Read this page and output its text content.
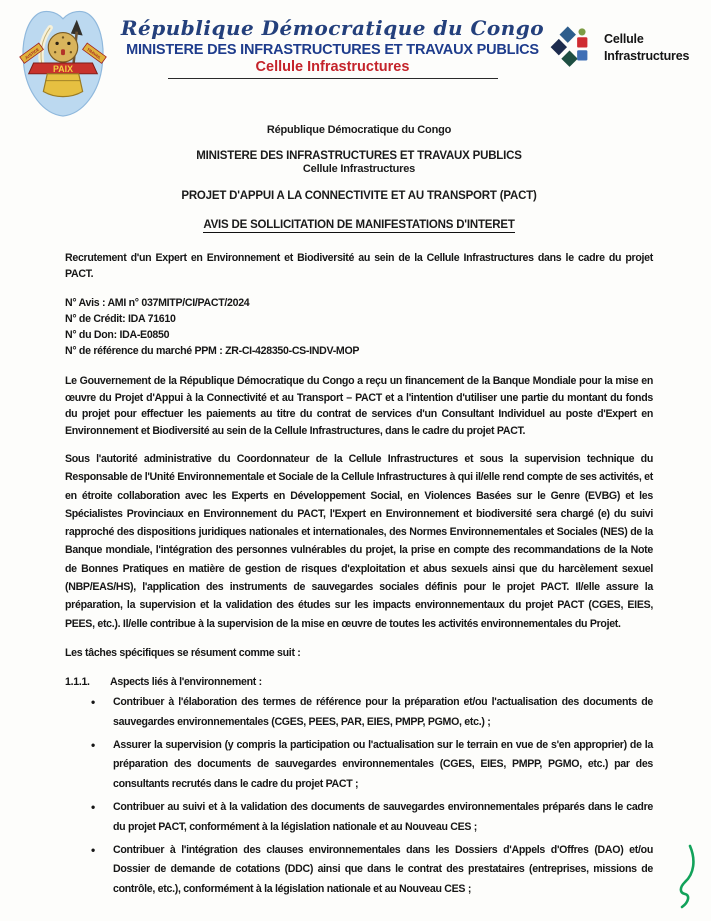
JUSTICE	TRAVAIL
PAIX
République Démocratique du Congo
MINISTERE DES INFRASTRUCTURES ET TRAVAUX PUBLICS
Cellule Infrastructures
Cellule
Infrastructures
République Démocratique du Congo
MINISTERE DES INFRASTRUCTURES ET TRAVAUX PUBLICS
Cellule Infrastructures
PROJET D'APPUI A LA CONNECTIVITE ET AU TRANSPORT (PACT)
AVIS DE SOLLICITATION DE MANIFESTATIONS D'INTERET

Recrutement d'un Expert en Environnement et Biodiversité au sein de la Cellule Infrastructures dans le cadre du projet PACT.

N° Avis : AMI n° 037MITP/CI/PACT/2024
N° de Crédit: IDA 71610
N° du Don: IDA-E0850
N° de référence du marché PPM : ZR-CI-428350-CS-INDV-MOP

Le Gouvernement de la République Démocratique du Congo a reçu un financement de la Banque Mondiale pour la mise en œuvre du Projet d'Appui à la Connectivité et au Transport – PACT et a l'intention d'utiliser une partie du montant du fonds du projet pour effectuer les paiements au titre du contrat de services d'un Consultant Individuel au poste d'Expert en Environnement et Biodiversité au sein de la Cellule Infrastructures, dans le cadre du projet PACT.

Sous l'autorité administrative du Coordonnateur de la Cellule Infrastructures et sous la supervision technique du Responsable de l'Unité Environnementale et Sociale de la Cellule Infrastructures à qui il/elle rend compte de ses activités, et en étroite collaboration avec les Experts en Développement Social, en Violences Basées sur le Genre (EVBG) et les Spécialistes Provinciaux en Environnement du PACT, l'Expert en Environnement et biodiversité sera chargé (e) du suivi rapproché des dispositions juridiques nationales et internationales, des Normes Environnementales et Sociales (NES) de la Banque mondiale, l'intégration des personnes vulnérables du projet, la prise en compte des recommandations de la Note de Bonnes Pratiques en matière de gestion de risques d'exploitation et abus sexuels ainsi que du harcèlement sexuel (NBP/EAS/HS), l'application des instruments de sauvegardes sociales définis pour le projet PACT. Il/elle assure la préparation, la supervision et la validation des études sur les impacts environnementaux du projet PACT (CGES, EIES, PEES, etc.). Il/elle contribue à la supervision de la mise en œuvre de toutes les activités environnementales du Projet.

Les tâches spécifiques se résument comme suit :

1.1.1.	Aspects liés à l'environnement :
• Contribuer à l'élaboration des termes de référence pour la préparation et/ou l'actualisation des documents de sauvegardes environnementales (CGES, PEES, PAR, EIES, PMPP, PGMO, etc.) ;
• Assurer la supervision (y compris la participation ou l'actualisation sur le terrain en vue de s'en approprier) de la préparation des documents de sauvegardes environnementales (CGES, EIES, PMPP, PGMO, etc.) par des consultants recrutés dans le cadre du projet PACT ;
• Contribuer au suivi et à la validation des documents de sauvegardes environnementales préparés dans le cadre du projet PACT, conformément à la législation nationale et au Nouveau CES ;
• Contribuer à l'intégration des clauses environnementales dans les Dossiers d'Appels d'Offres (DAO) et/ou Dossier de demande de cotations (DDC) ainsi que dans le contrat des prestataires (entreprises, missions de contrôle, etc.), conformément à la législation nationale et au Nouveau CES ;
